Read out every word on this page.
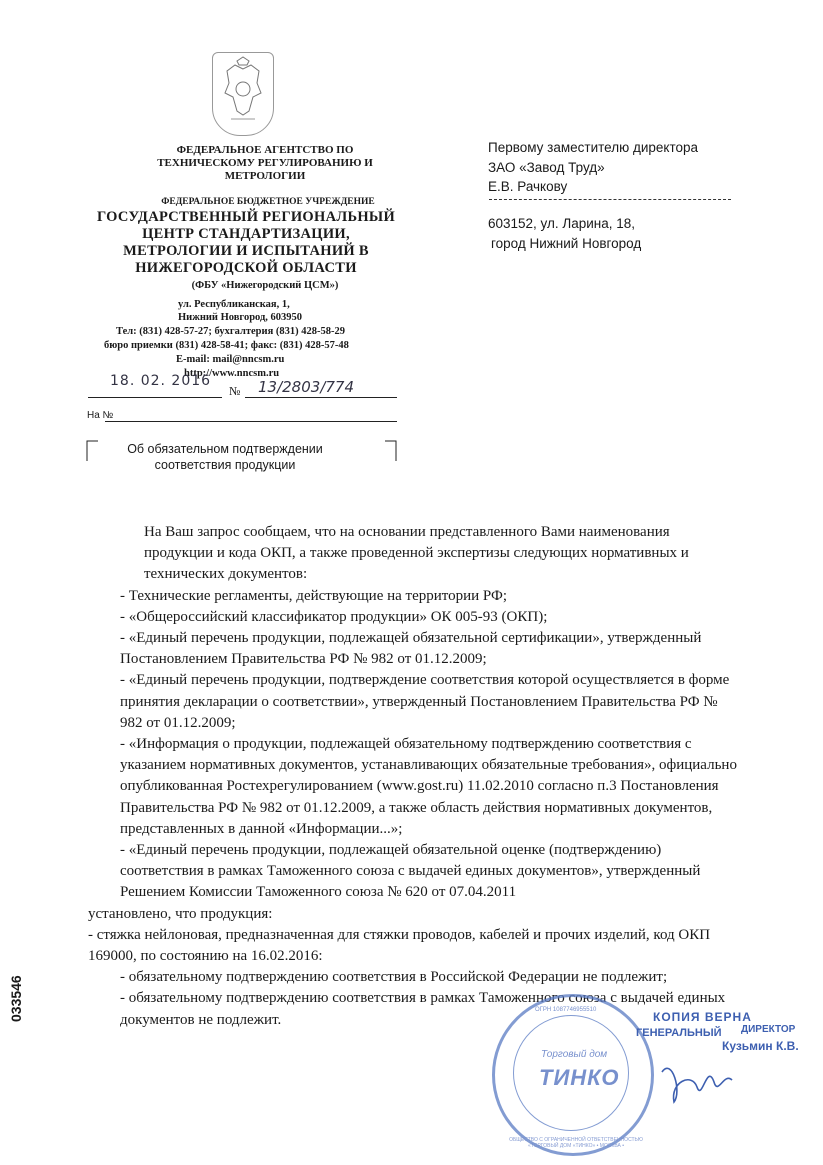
ФЕДЕРАЛЬНОЕ АГЕНТСТВО ПО ТЕХНИЧЕСКОМУ РЕГУЛИРОВАНИЮ И МЕТРОЛОГИИ
ФЕДЕРАЛЬНОЕ БЮДЖЕТНОЕ УЧРЕЖДЕНИЕ
ГОСУДАРСТВЕННЫЙ РЕГИОНАЛЬНЫЙ ЦЕНТР СТАНДАРТИЗАЦИИ, МЕТРОЛОГИИ И ИСПЫТАНИЙ В НИЖЕГОРОДСКОЙ ОБЛАСТИ
(ФБУ «Нижегородский ЦСМ»)
ул. Республиканская, 1,
Нижний Новгород, 603950
Тел: (831) 428-57-27; бухгалтерия (831) 428-58-29
бюро приемки (831) 428-58-41; факс: (831) 428-57-48
E-mail: mail@nncsm.ru
http://www.nncsm.ru
18. 02. 2016
№ 13/2803/774
На №
Об обязательном подтверждении соответствия продукции
Первому заместителю директора
ЗАО «Завод Труд»
Е.В. Рачкову
603152, ул. Ларина, 18,
город Нижний Новгород

На Ваш запрос сообщаем, что на основании представленного Вами наименования продукции и кода ОКП, а также проведенной экспертизы следующих нормативных и технических документов:

- Технические регламенты, действующие на территории РФ;

- «Общероссийский классификатор продукции» ОК 005-93 (ОКП);

- «Единый перечень продукции, подлежащей обязательной сертификации», утвержденный Постановлением Правительства РФ № 982 от 01.12.2009;

- «Единый перечень продукции, подтверждение соответствия которой осуществляется в форме принятия декларации о соответствии», утвержденный Постановлением Правительства РФ № 982 от 01.12.2009;

- «Информация о продукции, подлежащей обязательному подтверждению соответствия с указанием нормативных документов, устанавливающих обязательные требования», официально опубликованная Ростехрегулированием (www.gost.ru) 11.02.2010 согласно п.3 Постановления Правительства РФ № 982 от 01.12.2009, а также область действия нормативных документов, представленных в данной «Информации...»;

- «Единый перечень продукции, подлежащей обязательной оценке (подтверждению) соответствия в рамках Таможенного союза с выдачей единых документов», утвержденный Решением Комиссии Таможенного союза № 620 от 07.04.2011

установлено, что продукция:

- стяжка нейлоновая, предназначенная для стяжки проводов, кабелей и прочих изделий, код ОКП 169000, по состоянию на 16.02.2016:

- обязательному подтверждению соответствия в Российской Федерации не подлежит;

- обязательному подтверждению соответствия в рамках Таможенного союза с выдачей единых документов не подлежит.

033546
Торговый дом
ТИНКО
ОГРН 1087746955510
ОБЩЕСТВО С ОГРАНИЧЕННОЙ ОТВЕТСТВЕННОСТЬЮ «ТОРГОВЫЙ ДОМ «ТИНКО» • МОСКВА •
КОПИЯ ВЕРНА
ГЕНЕРАЛЬНЫЙ ДИРЕКТОР
Кузьмин К.В.
